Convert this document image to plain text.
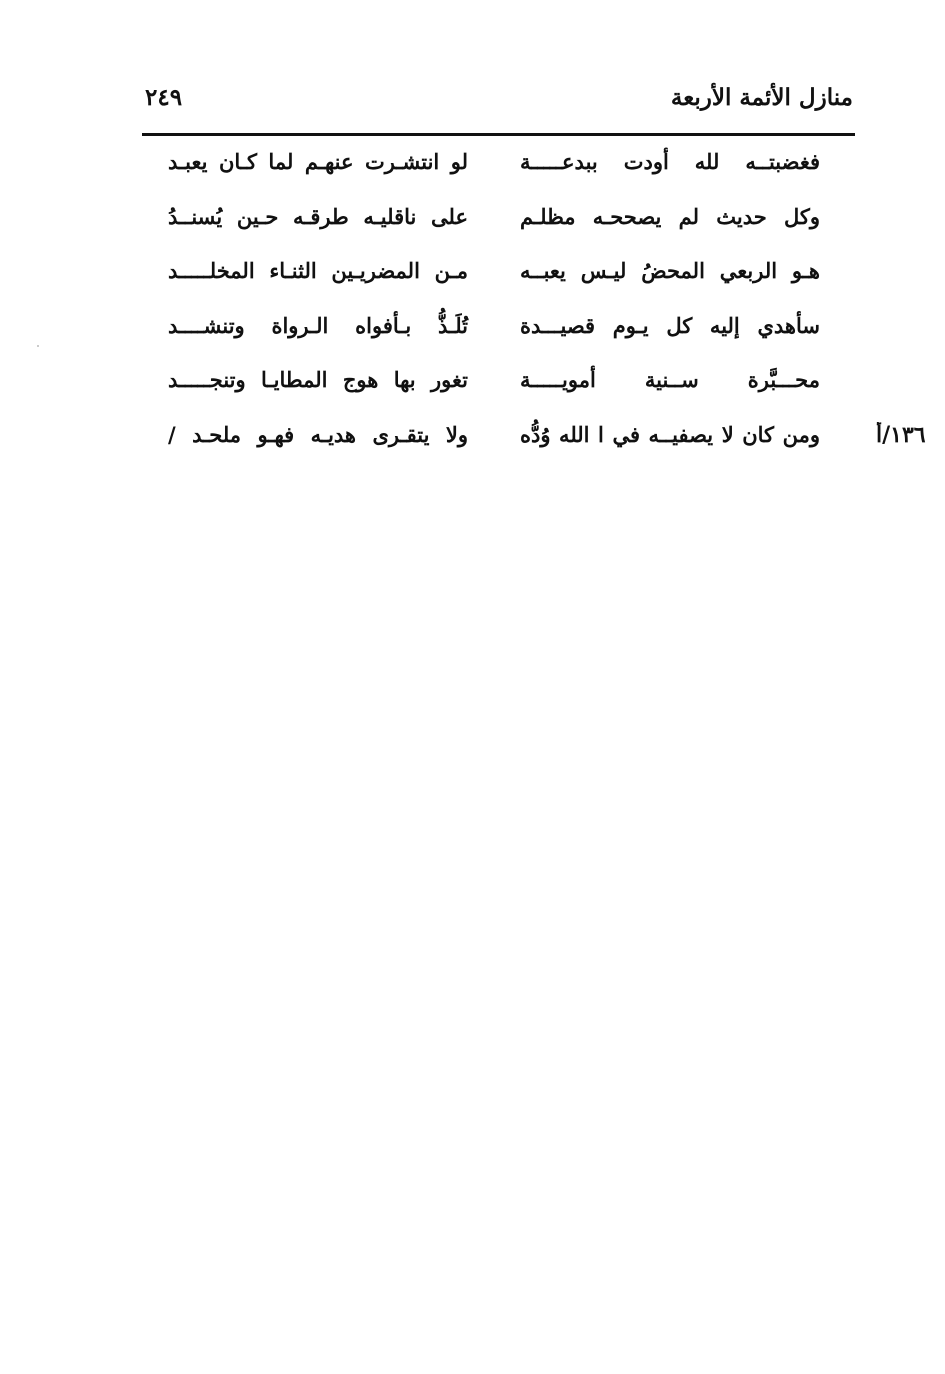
منازل الأئمة الأربعة
٢٤٩
فغضبتــه لله أودت ببدعـــــة
لو انتشـرت عنهـم لما كـان يعبـد
وكل حديث لم يصححـه مظلـم
على ناقليـه طرقـه حـين يُسنــدُ
هـو الربعي المحضُ ليـس يعبــه
مـن المضريـين الثنـاء المخلـــــد
سأهدي إليه كل يـوم قصيـــدة
تُلَـذُّ بـأفواه الـرواة وتنشــــد
محـــبَّرة ســنية أمويـــــة
تغور بها هوج المطايـا وتنجـــــد
ومن كان لا يصفيــه في ا الله وُدُّه
ولا يتقـرى هديـه فهـو ملحـد /	١٣٦/أ
